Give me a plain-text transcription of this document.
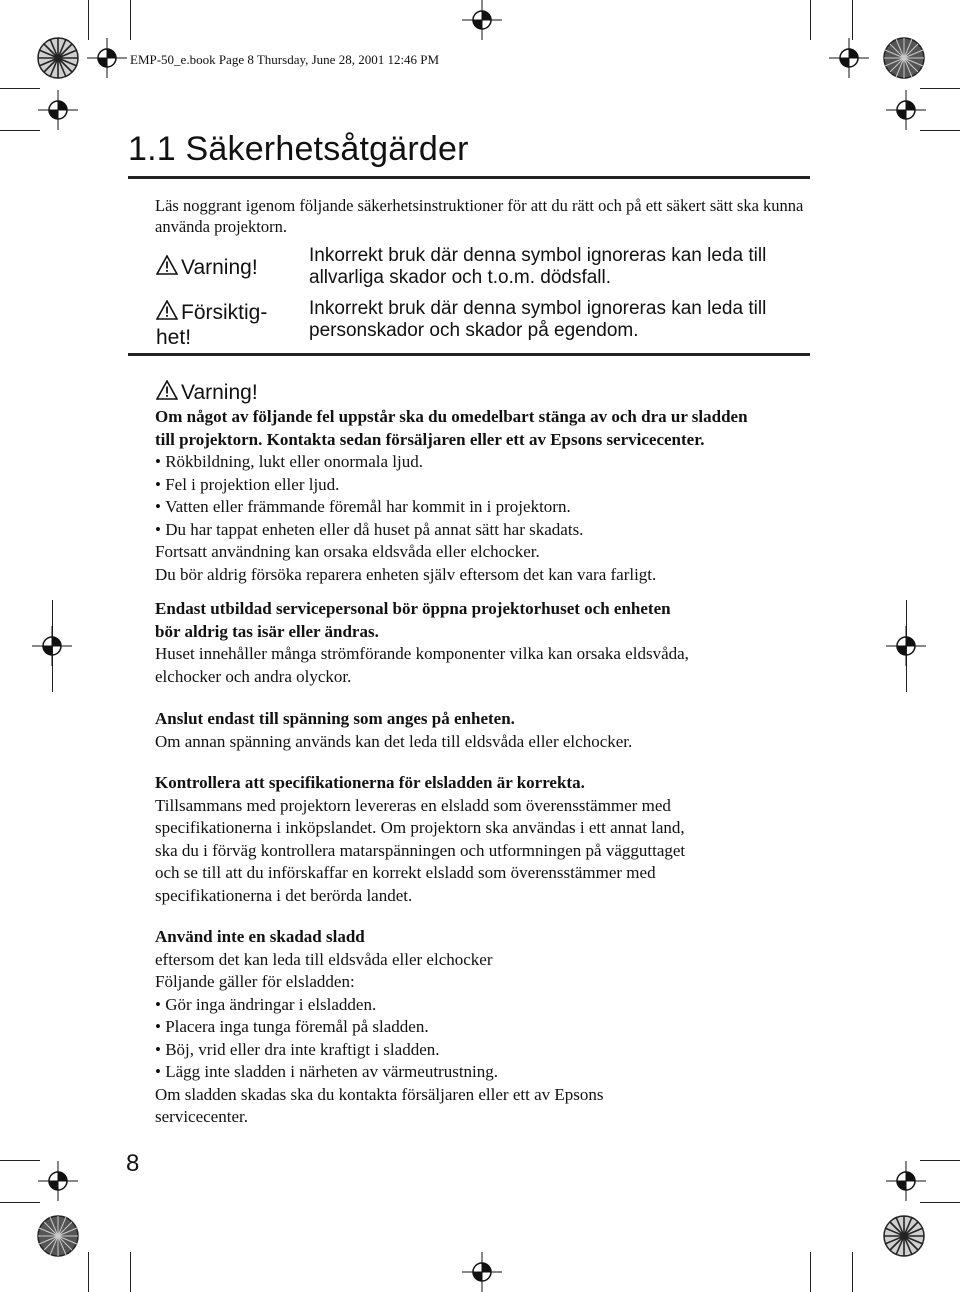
EMP-50_e.book Page 8 Thursday, June 28, 2001 12:46 PM
1.1 Säkerhetsåtgärder
Läs noggrant igenom följande säkerhetsinstruktioner för att du rätt och på ett säkert sätt ska kunna använda projektorn.
Varning!
Inkorrekt bruk där denna symbol ignoreras kan leda till allvarliga skador och t.o.m. dödsfall.
Försiktig-
het!
Inkorrekt bruk där denna symbol ignoreras kan leda till personskador och skador på egendom.
Varning!
Om något av följande fel uppstår ska du omedelbart stänga av och dra ur sladden
till projektorn. Kontakta sedan försäljaren eller ett av Epsons servicecenter.
• Rökbildning, lukt eller onormala ljud.
• Fel i projektion eller ljud.
• Vatten eller främmande föremål har kommit in i projektorn.
• Du har tappat enheten eller då huset på annat sätt har skadats.
Fortsatt användning kan orsaka eldsvåda eller elchocker.
Du bör aldrig försöka reparera enheten själv eftersom det kan vara farligt.
Endast utbildad servicepersonal bör öppna projektorhuset och enheten
bör aldrig tas isär eller ändras.
Huset innehåller många strömförande komponenter vilka kan orsaka eldsvåda,
elchocker och andra olyckor.
Anslut endast till spänning som anges på enheten.
Om annan spänning används kan det leda till eldsvåda eller elchocker.
Kontrollera att specifikationerna för elsladden är korrekta.
Tillsammans med projektorn levereras en elsladd som överensstämmer med
specifikationerna i inköpslandet. Om projektorn ska användas i ett annat land,
ska du i förväg kontrollera matarspänningen och utformningen på vägguttaget
och se till att du införskaffar en korrekt elsladd som överensstämmer med
specifikationerna i det berörda landet.
Använd inte en skadad sladd
eftersom det kan leda till eldsvåda eller elchocker
Följande gäller för elsladden:
• Gör inga ändringar i elsladden.
• Placera inga tunga föremål på sladden.
• Böj, vrid eller dra inte kraftigt i sladden.
• Lägg inte sladden i närheten av värmeutrustning.
Om sladden skadas ska du kontakta försäljaren eller ett av Epsons
servicecenter.
8
